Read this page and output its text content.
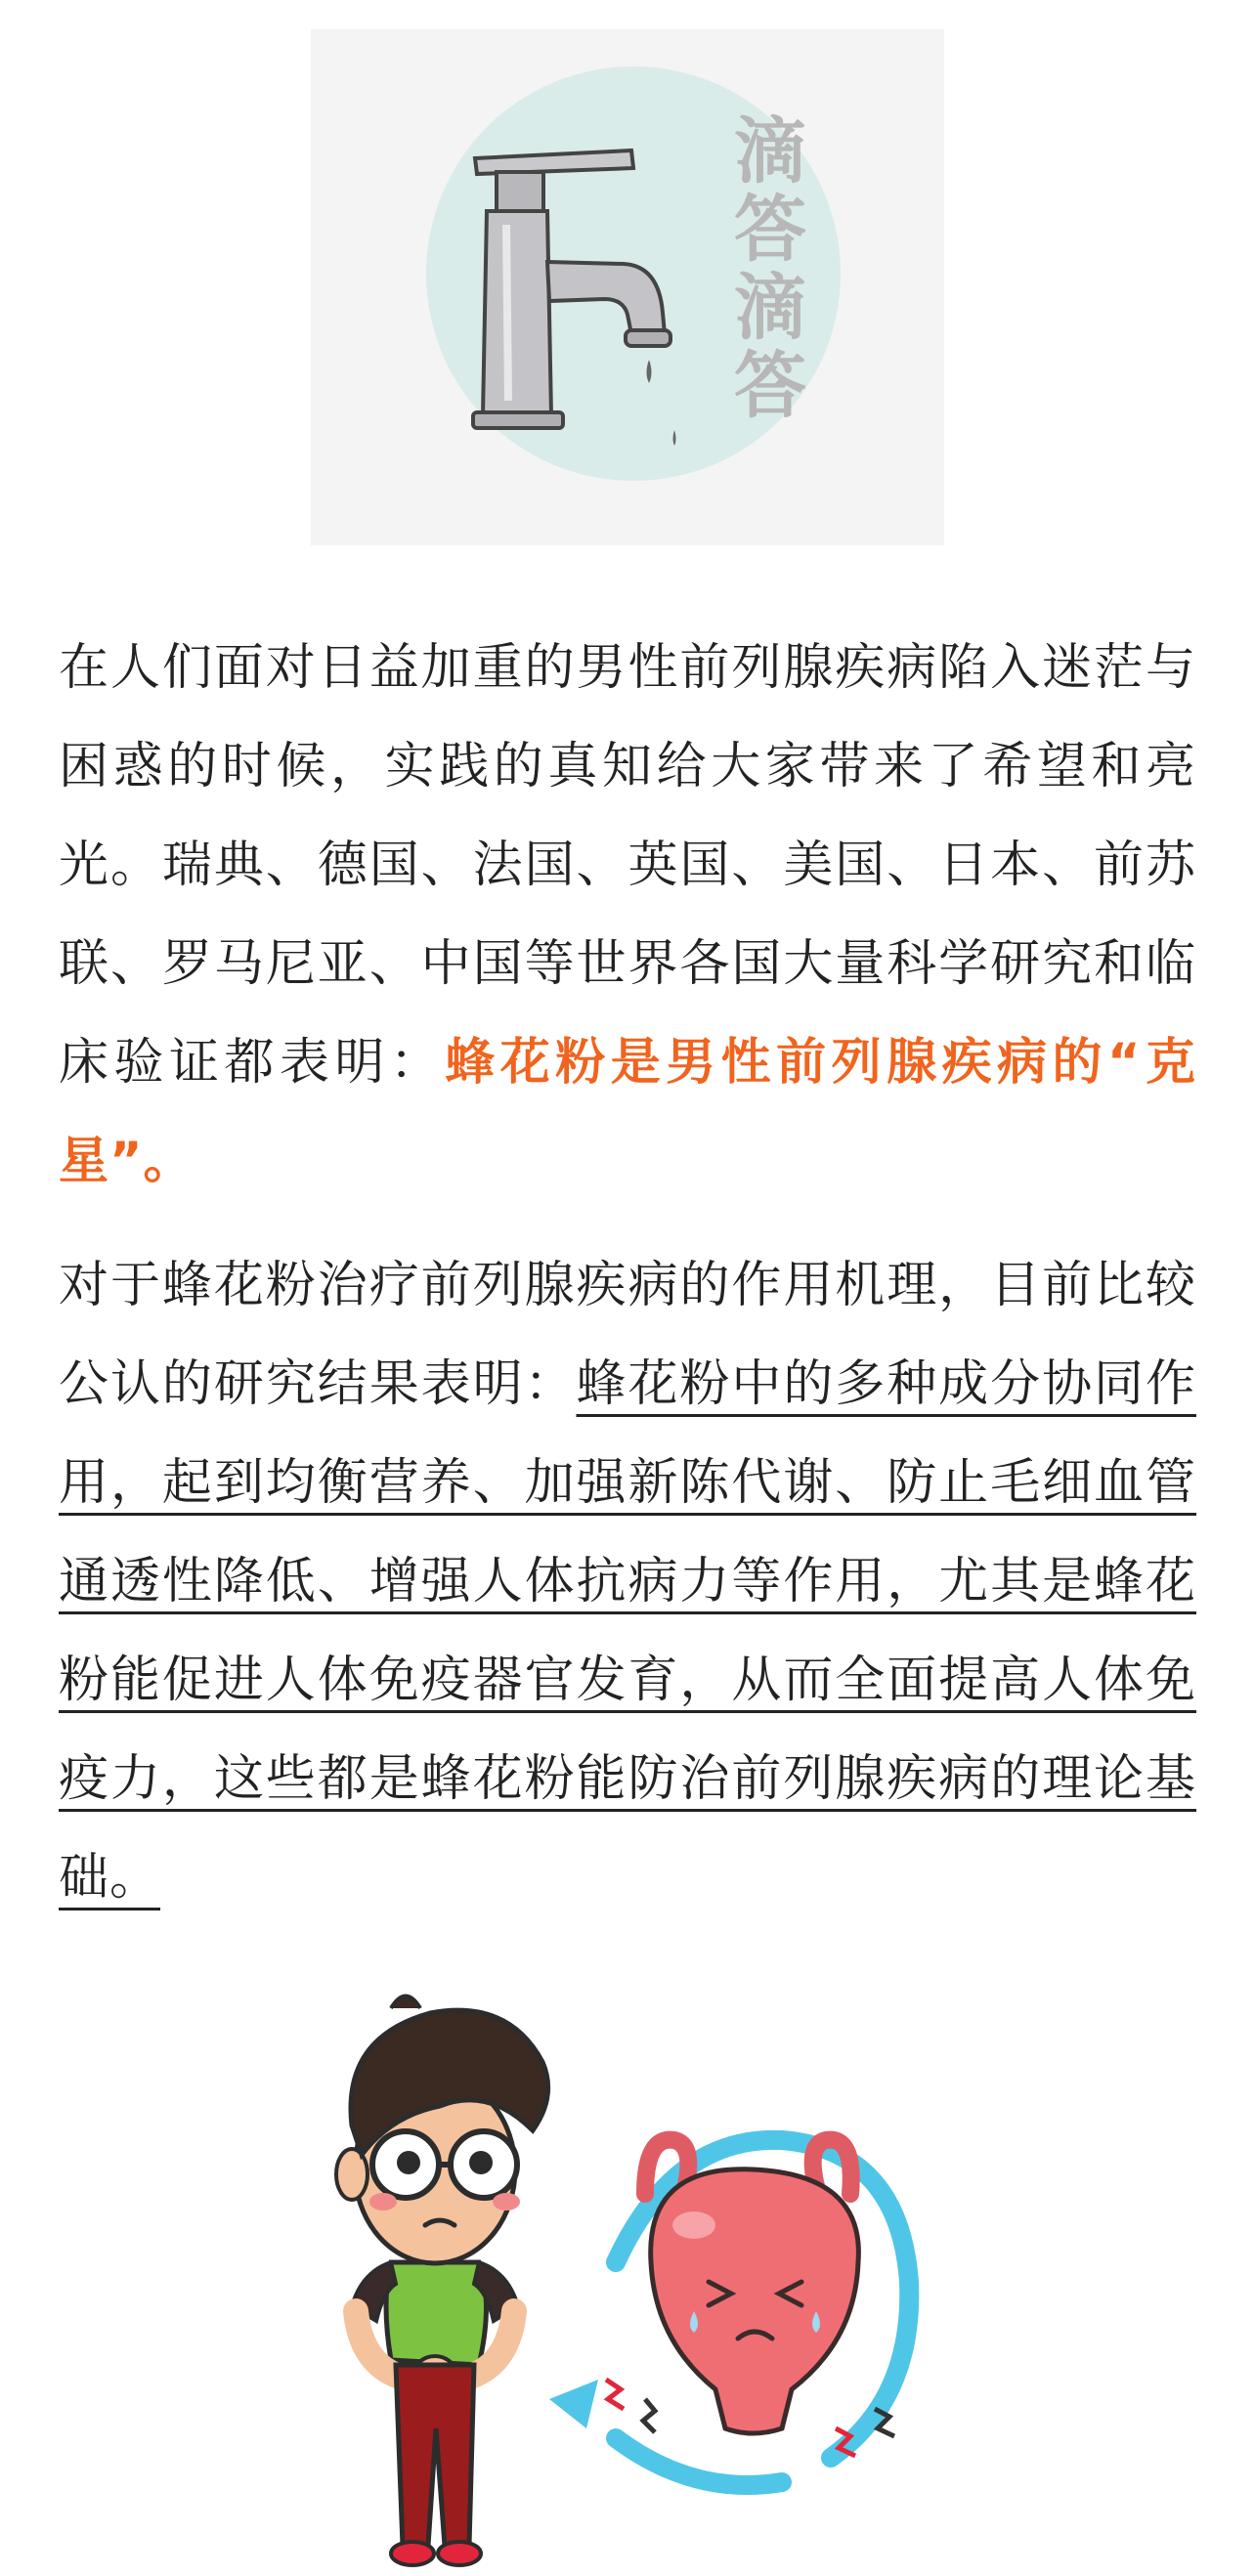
滴
答
滴
答

在人们面对日益加重的男性前列腺疾病陷入迷茫与困惑的时候，实践的真知给大家带来了希望和亮光。瑞典、德国、法国、英国、美国、日本、前苏联、罗马尼亚、中国等世界各国大量科学研究和临床验证都表明：蜂花粉是男性前列腺疾病的“克星”。

对于蜂花粉治疗前列腺疾病的作用机理，目前比较公认的研究结果表明：蜂花粉中的多种成分协同作用，起到均衡营养、加强新陈代谢、防止毛细血管通透性降低、增强人体抗病力等作用，尤其是蜂花粉能促进人体免疫器官发育，从而全面提高人体免疫力，这些都是蜂花粉能防治前列腺疾病的理论基础。
